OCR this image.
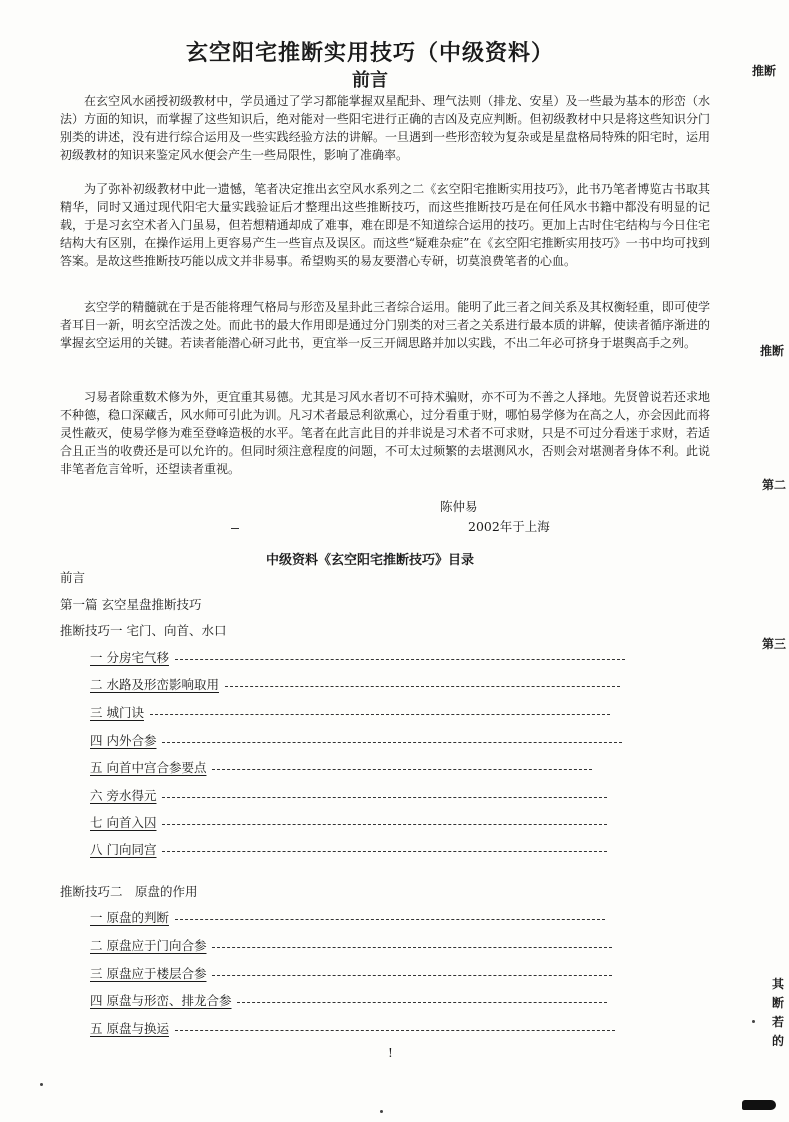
玄空阳宅推断实用技巧（中级资料）
前言
在玄空风水函授初级教材中，学员通过了学习都能掌握双星配卦、理气法则（排龙、安星）及一些最为基本的形峦（水法）方面的知识，而掌握了这些知识后，绝对能对一些阳宅进行正确的吉凶及克应判断。但初级教材中只是将这些知识分门别类的讲述，没有进行综合运用及一些实践经验方法的讲解。一旦遇到一些形峦较为复杂或是星盘格局特殊的阳宅时，运用初级教材的知识来鉴定风水便会产生一些局限性，影响了准确率。
为了弥补初级教材中此一遗憾，笔者决定推出玄空风水系列之二《玄空阳宅推断实用技巧》，此书乃笔者博览古书取其精华，同时又通过现代阳宅大量实践验证后才整理出这些推断技巧，而这些推断技巧是在何任风水书籍中都没有明显的记载，于是习玄空术者入门虽易，但若想精通却成了难事，难在即是不知道综合运用的技巧。更加上古时住宅结构与今日住宅结构大有区别，在操作运用上更容易产生一些盲点及误区。而这些“疑难杂症”在《玄空阳宅推断实用技巧》一书中均可找到答案。是故这些推断技巧能以成文并非易事。希望购买的易友要潜心专研，切莫浪费笔者的心血。
玄空学的精髓就在于是否能将理气格局与形峦及星卦此三者综合运用。能明了此三者之间关系及其权衡轻重，即可使学者耳目一新，明玄空活泼之处。而此书的最大作用即是通过分门别类的对三者之关系进行最本质的讲解，使读者循序渐进的掌握玄空运用的关键。若读者能潜心研习此书，更宜举一反三开阔思路并加以实践，不出二年必可挤身于堪舆高手之列。
习易者除重数术修为外，更宜重其易德。尤其是习风水者切不可持术骗财，亦不可为不善之人择地。先贤曾说若还求地不种德，稳口深藏舌，风水师可引此为训。凡习术者最忌利欲熏心，过分看重于财，哪怕易学修为在高之人，亦会因此而将灵性蔽灭，使易学修为难至登峰造极的水平。笔者在此言此目的并非说是习术者不可求财，只是不可过分看迷于求财，若适合且正当的收费还是可以允许的。但同时须注意程度的问题，不可太过频繁的去堪测风水，否则会对堪测者身体不利。此说非笔者危言耸听，还望读者重视。
陈仲易
2002年于上海
中级资料《玄空阳宅推断技巧》目录
前言
第一篇 玄空星盘推断技巧
推断技巧一 宅门、向首、水口
一 分房宅气移
二 水路及形峦影响取用
三 城门诀
四 内外合参
五 向首中宫合参要点
六 旁水得元
七 向首入囚
八 门向同宫
推断技巧二　原盘的作用
一 原盘的判断
二 原盘应于门向合参
三 原盘应于楼层合参
四 原盘与形峦、排龙合参
五 原盘与换运
推断
推断
第二
第三
其断若的
!
